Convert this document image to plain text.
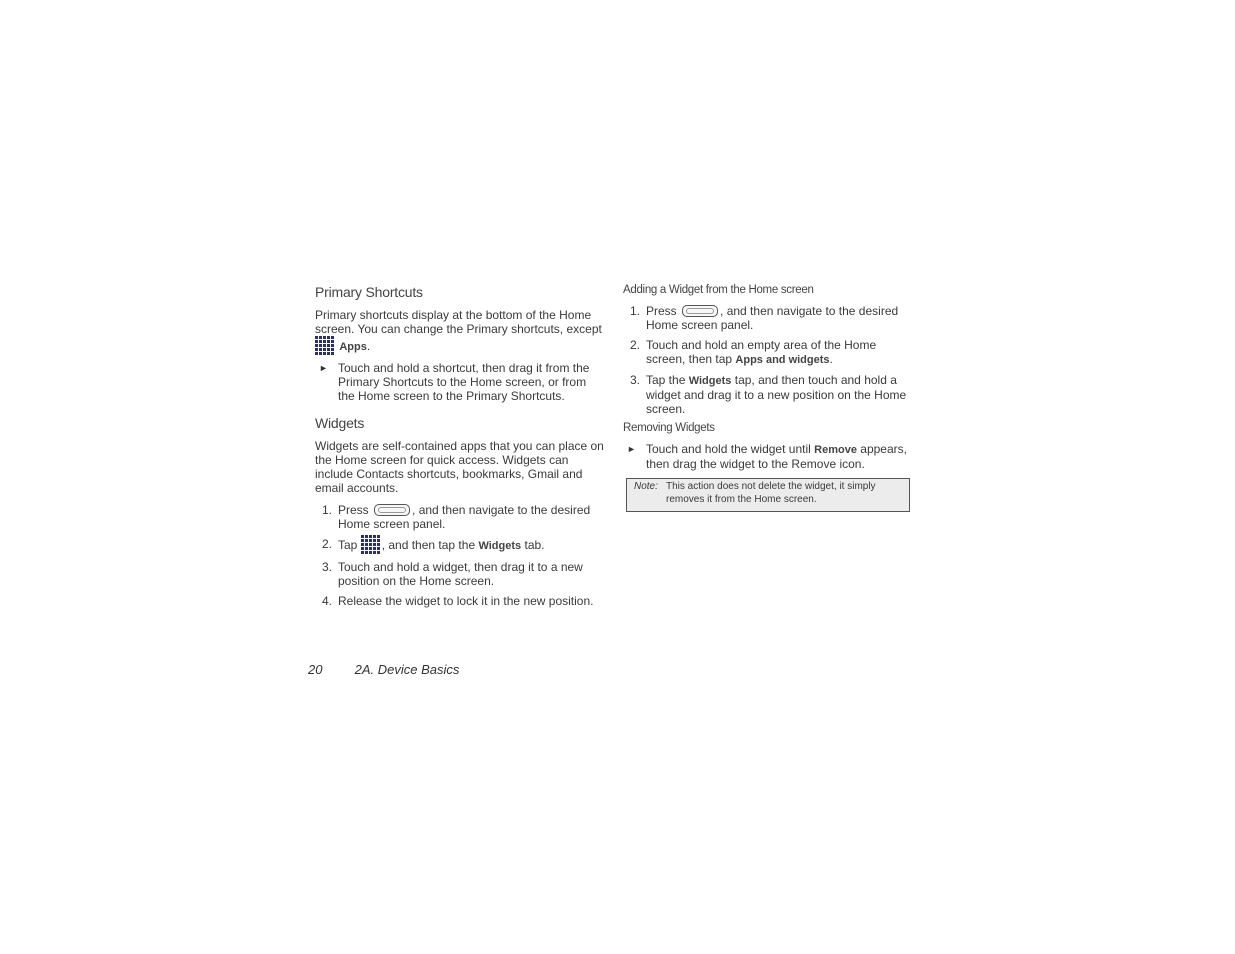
Primary Shortcuts
Primary shortcuts display at the bottom of the Home screen. You can change the Primary shortcuts, except
Apps.
► Touch and hold a shortcut, then drag it from the Primary Shortcuts to the Home screen, or from the Home screen to the Primary Shortcuts.
Widgets
Widgets are self-contained apps that you can place on the Home screen for quick access. Widgets can include Contacts shortcuts, bookmarks, Gmail and email accounts.
1. Press	, and then navigate to the desired Home screen panel.
2. Tap , and then tap the Widgets tab.
3. Touch and hold a widget, then drag it to a new position on the Home screen.
4. Release the widget to lock it in the new position.
Adding a Widget from the Home screen
1. Press	, and then navigate to the desired Home screen panel.
2. Touch and hold an empty area of the Home screen, then tap Apps and widgets.
3. Tap the Widgets tap, and then touch and hold a widget and drag it to a new position on the Home screen.
Removing Widgets
► Touch and hold the widget until Remove appears, then drag the widget to the Remove icon.
Note: This action does not delete the widget, it simply removes it from the Home screen.
20 2A. Device Basics
